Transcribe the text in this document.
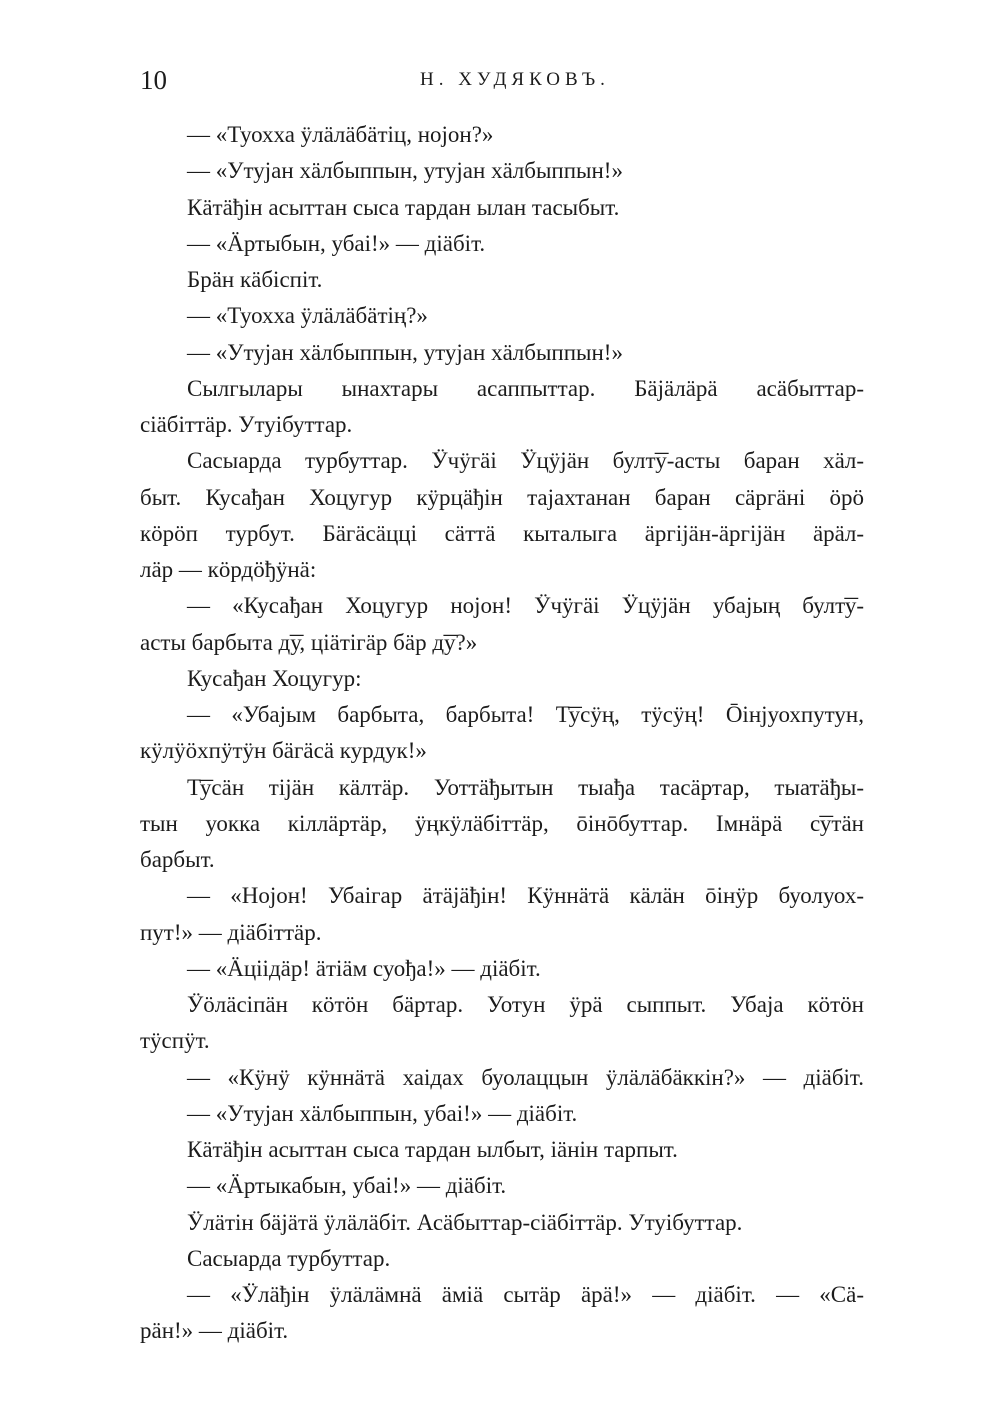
10	Н. ХУДЯКОВЪ.
— «Туохха ӱлäлäбäтiц, нојон?»
— «Утујан хäлбыппын, утујан хäлбыппын!»
Кäтäђiн асыттан сыса тардан ылан тасыбыт.
— «Äртыбын, убаi!» — дiäбiт.
Брäн кäбiспiт.
— «Туохха ӱлäлäбäтiң?»
— «Утујан хäлбыппын, утујан хäлбыппын!»
Сылгылары ынахтары асаппыттар. Бäјäлäрä асäбыттар-
сiäбiттäр. Утуiбуттар.
Сасыарда турбуттар. Ӱчӱгäi Ӱцӱјäн булт͞у-асты баран хäл-
быт. Кусађан Хоцугур кӱрцäђiн тајахтанан баран сäргäнi öрö
кöрöп турбут. Бäгäсäццi сäттä кыталыга äргiјäн-äргiјäн äрäл-
лäр — кöрдöђӱнä:
— «Кусађан Хоцугур нојон! Ӱчӱгäi Ӱцӱјäн убајың булт͞у-
асты барбыта д͞у, цiäтiгäр бäр д͞у?»
Кусађан Хоцугур:
— «Убајым барбыта, барбыта! Т͞усӱң, тӱсӱң! Ōiнјуохпутун,
кӱлӱöхпӱтӱн бäгäсä курдук!»
Т͞усäн тiјäн кäлтäр. Уоттäђытын тыађа тасäртар, тыатäђы-
тын уокка кiллäртäр, ӱңкӱлäбiттäр, ōiнōбуттар. Iмнäрä с͞утäн
барбыт.
— «Нојон! Убаiгар äтäјäђiн! Кӱннäтä кäлäн ōiнӱр буолуох-
пут!» — дiäбiттäр.
— «Äцiiдäр! äтiäм суођа!» — дiäбiт.
Ӱöлäсiпäн кöтöн бäртар. Уотун ӱрä сыппыт. Убаја кöтöн
тӱспӱт.
— «Кӱнӱ кӱннäтä хаiдах буолаццын ӱлäлäбäккiн?» — дiäбiт.
— «Утујан хäлбыппын, убаi!» — дiäбiт.
Кäтäђiн асыттан сыса тардан ылбыт, iäнiн тарпыт.
— «Äртыкабын, убаi!» — дiäбiт.
Ӱлäтiн бäјäтä ӱлäлäбiт. Асäбыттар-сiäбiттäр. Утуiбуттар.
Сасыарда турбуттар.
— «Ӱлäђiн ӱлäлäмнä äмiä сытäр äрä!» — дiäбiт. — «Сä-
рäн!» — дiäбiт.
